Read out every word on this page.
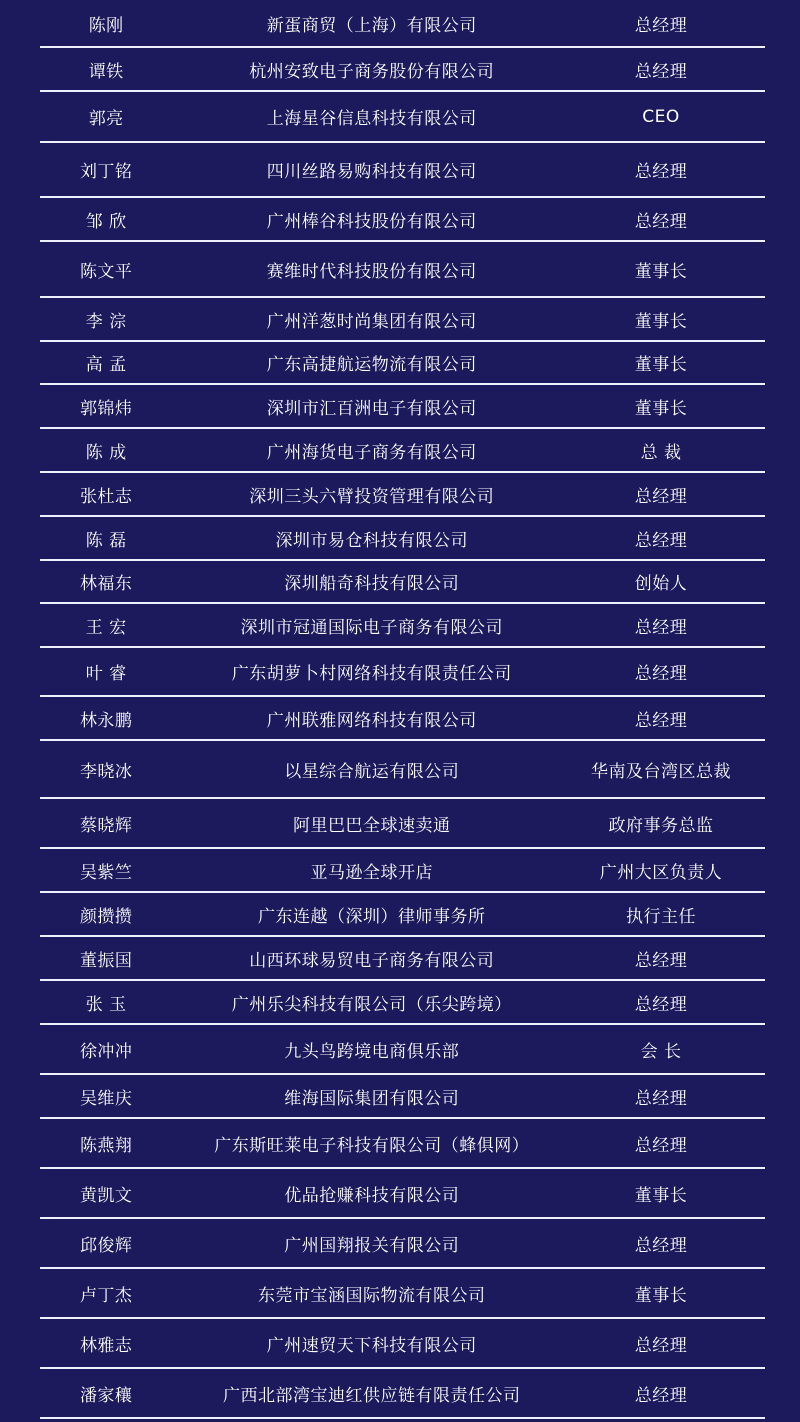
陈刚	新蛋商贸（上海）有限公司	总经理
谭铁	杭州安致电子商务股份有限公司	总经理
郭亮	上海星谷信息科技有限公司	CEO
刘丁铭	四川丝路易购科技有限公司	总经理
邹 欣	广州棒谷科技股份有限公司	总经理
陈文平	赛维时代科技股份有限公司	董事长
李 淙	广州洋葱时尚集团有限公司	董事长
高 孟	广东高捷航运物流有限公司	董事长
郭锦炜	深圳市汇百洲电子有限公司	董事长
陈 成	广州海货电子商务有限公司	总 裁
张杜志	深圳三头六臂投资管理有限公司	总经理
陈 磊	深圳市易仓科技有限公司	总经理
林福东	深圳船奇科技有限公司	创始人
王 宏	深圳市冠通国际电子商务有限公司	总经理
叶 睿	广东胡萝卜村网络科技有限责任公司	总经理
林永鹏	广州联雅网络科技有限公司	总经理
李晓冰	以星综合航运有限公司	华南及台湾区总裁
蔡晓辉	阿里巴巴全球速卖通	政府事务总监
吴紫竺	亚马逊全球开店	广州大区负责人
颜攒攒	广东连越（深圳）律师事务所	执行主任
董振国	山西环球易贸电子商务有限公司	总经理
张 玉	广州乐尖科技有限公司（乐尖跨境）	总经理
徐冲冲	九头鸟跨境电商俱乐部	会 长
吴维庆	维海国际集团有限公司	总经理
陈燕翔	广东斯旺莱电子科技有限公司（蜂俱网）	总经理
黄凯文	优品抢赚科技有限公司	董事长
邱俊辉	广州国翔报关有限公司	总经理
卢丁杰	东莞市宝涵国际物流有限公司	董事长
林雅志	广州速贸天下科技有限公司	总经理
潘家穰	广西北部湾宝迪红供应链有限责任公司	总经理
